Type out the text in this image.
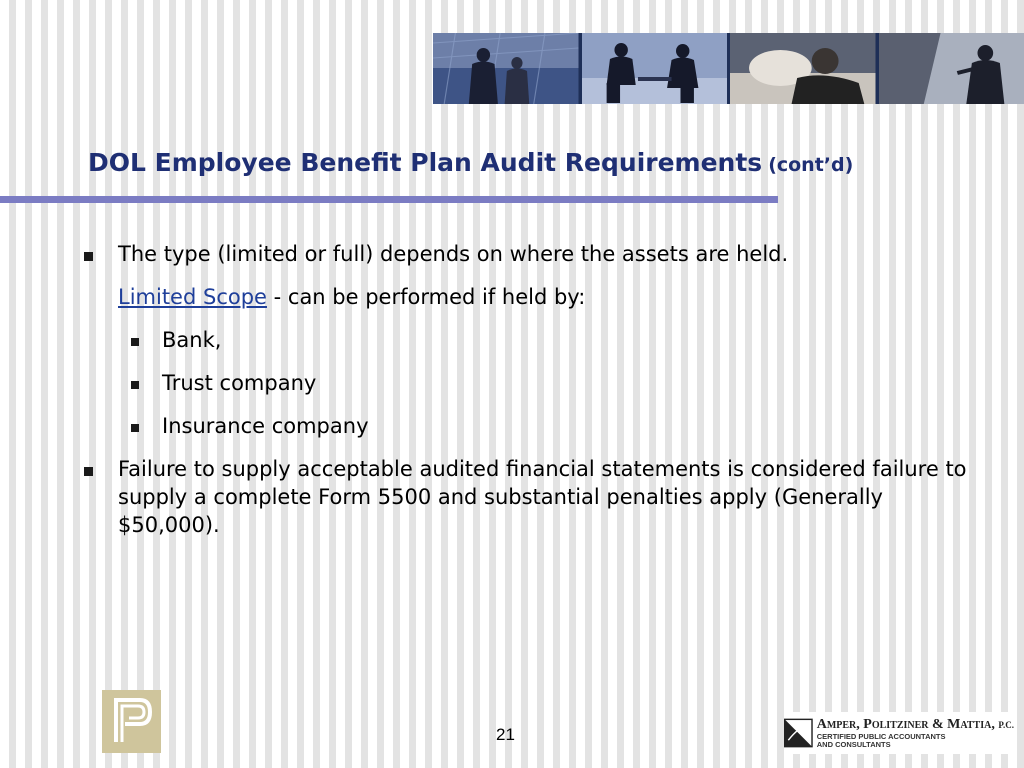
DOL Employee Benefit Plan Audit Requirements (cont’d)
The type (limited or full) depends on where the assets are held.
Limited Scope - can be performed if held by:
Bank,
Trust company
Insurance company
Failure to supply acceptable audited financial statements is considered failure to supply a complete Form 5500 and substantial penalties apply (Generally $50,000).
21
Amper, Politziner & Mattia, P.C.
CERTIFIED PUBLIC ACCOUNTANTS
AND CONSULTANTS
